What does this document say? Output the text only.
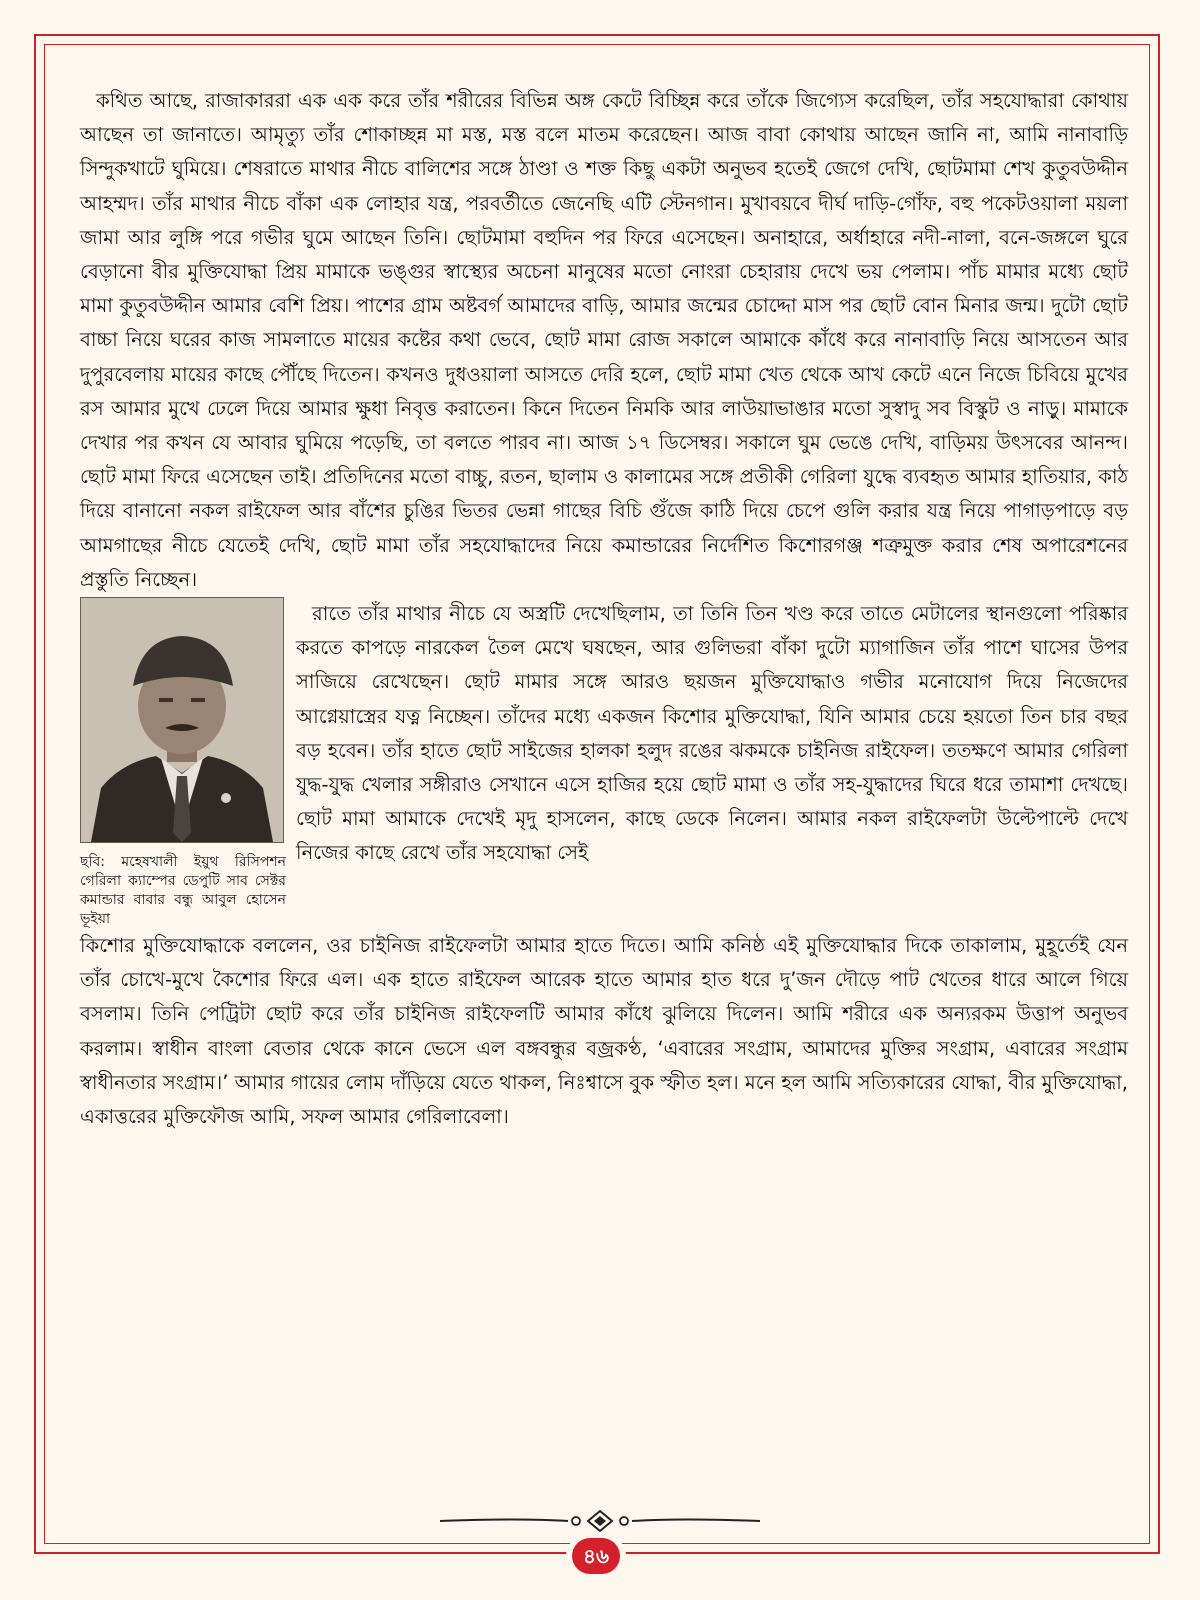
কথিত আছে, রাজাকাররা এক এক করে তাঁর শরীরের বিভিন্ন অঙ্গ কেটে বিচ্ছিন্ন করে তাঁকে জিগ্যেস করেছিল, তাঁর সহযোদ্ধারা কোথায় আছেন তা জানাতে। আমৃত্যু তাঁর শোকাচ্ছন্ন মা মস্ত, মস্ত বলে মাতম করেছেন। আজ বাবা কোথায় আছেন জানি না, আমি নানাবাড়ি সিন্দুকখাটে ঘুমিয়ে। শেষরাতে মাথার নীচে বালিশের সঙ্গে ঠাণ্ডা ও শক্ত কিছু একটা অনুভব হতেই জেগে দেখি, ছোটমামা শেখ কুতুবউদ্দীন আহম্মদ। তাঁর মাথার নীচে বাঁকা এক লোহার যন্ত্র, পরবর্তীতে জেনেছি এটি স্টেনগান। মুখাবয়বে দীর্ঘ দাড়ি-গোঁফ, বহু পকেটওয়ালা ময়লা জামা আর লুঙ্গি পরে গভীর ঘুমে আছেন তিনি। ছোটমামা বহুদিন পর ফিরে এসেছেন। অনাহারে, অর্ধাহারে নদী-নালা, বনে-জঙ্গলে ঘুরে বেড়ানো বীর মুক্তিযোদ্ধা প্রিয় মামাকে ভঙ্গুর স্বাস্থ্যের অচেনা মানুষের মতো নোংরা চেহারায় দেখে ভয় পেলাম। পাঁচ মামার মধ্যে ছোট মামা কুতুবউদ্দীন আমার বেশি প্রিয়। পাশের গ্রাম অষ্টবর্গ আমাদের বাড়ি, আমার জন্মের চোদ্দো মাস পর ছোট বোন মিনার জন্ম। দুটো ছোট বাচ্চা নিয়ে ঘরের কাজ সামলাতে মায়ের কষ্টের কথা ভেবে, ছোট মামা রোজ সকালে আমাকে কাঁধে করে নানাবাড়ি নিয়ে আসতেন আর দুপুরবেলায় মায়ের কাছে পৌঁছে দিতেন। কখনও দুধওয়ালা আসতে দেরি হলে, ছোট মামা খেত থেকে আখ কেটে এনে নিজে চিবিয়ে মুখের রস আমার মুখে ঢেলে দিয়ে আমার ক্ষুধা নিবৃত্ত করাতেন। কিনে দিতেন নিমকি আর লাউয়াভাঙার মতো সুস্বাদু সব বিস্কুট ও নাড়ু। মামাকে দেখার পর কখন যে আবার ঘুমিয়ে পড়েছি, তা বলতে পারব না। আজ ১৭ ডিসেম্বর। সকালে ঘুম ভেঙে দেখি, বাড়িময় উৎসবের আনন্দ। ছোট মামা ফিরে এসেছেন তাই। প্রতিদিনের মতো বাচ্চু, রতন, ছালাম ও কালামের সঙ্গে প্রতীকী গেরিলা যুদ্ধে ব্যবহৃত আমার হাতিয়ার, কাঠ দিয়ে বানানো নকল রাইফেল আর বাঁশের চুঙির ভিতর ভেন্না গাছের বিচি গুঁজে কাঠি দিয়ে চেপে গুলি করার যন্ত্র নিয়ে পাগাড়পাড়ে বড় আমগাছের নীচে যেতেই দেখি, ছোট মামা তাঁর সহযোদ্ধাদের নিয়ে কমান্ডারের নির্দেশিত কিশোরগঞ্জ শত্রুমুক্ত করার শেষ অপারেশনের প্রস্তুতি নিচ্ছেন।

ছবি: মহেষখালী ইয়ুথ রিসিপশন গেরিলা ক্যাম্পের ডেপুটি সাব সেক্টর কমান্ডার বাবার বন্ধু আবুল হোসেন ভূইয়া

রাতে তাঁর মাথার নীচে যে অস্ত্রটি দেখেছিলাম, তা তিনি তিন খণ্ড করে তাতে মেটালের স্থানগুলো পরিষ্কার করতে কাপড়ে নারকেল তৈল মেখে ঘষছেন, আর গুলিভরা বাঁকা দুটো ম্যাগাজিন তাঁর পাশে ঘাসের উপর সাজিয়ে রেখেছেন। ছোট মামার সঙ্গে আরও ছয়জন মুক্তিযোদ্ধাও গভীর মনোযোগ দিয়ে নিজেদের আগ্নেয়াস্ত্রের যত্ন নিচ্ছেন। তাঁদের মধ্যে একজন কিশোর মুক্তিযোদ্ধা, যিনি আমার চেয়ে হয়তো তিন চার বছর বড় হবেন। তাঁর হাতে ছোট সাইজের হালকা হলুদ রঙের ঝকমকে চাইনিজ রাইফেল। ততক্ষণে আমার গেরিলা যুদ্ধ-যুদ্ধ খেলার সঙ্গীরাও সেখানে এসে হাজির হয়ে ছোট মামা ও তাঁর সহ-যুদ্ধাদের ঘিরে ধরে তামাশা দেখছে। ছোট মামা আমাকে দেখেই মৃদু হাসলেন, কাছে ডেকে নিলেন। আমার নকল রাইফেলটা উল্টেপাল্টে দেখে নিজের কাছে রেখে তাঁর সহযোদ্ধা সেই

কিশোর মুক্তিযোদ্ধাকে বললেন, ওর চাইনিজ রাইফেলটা আমার হাতে দিতে। আমি কনিষ্ঠ এই মুক্তিযোদ্ধার দিকে তাকালাম, মুহূর্তেই যেন তাঁর চোখে-মুখে কৈশোর ফিরে এল। এক হাতে রাইফেল আরেক হাতে আমার হাত ধরে দু’জন দৌড়ে পাট খেতের ধারে আলে গিয়ে বসলাম। তিনি পেট্রিটা ছোট করে তাঁর চাইনিজ রাইফেলটি আমার কাঁধে ঝুলিয়ে দিলেন। আমি শরীরে এক অন্যরকম উত্তাপ অনুভব করলাম। স্বাধীন বাংলা বেতার থেকে কানে ভেসে এল বঙ্গবন্ধুর বজ্রকণ্ঠ, ‘এবারের সংগ্রাম, আমাদের মুক্তির সংগ্রাম, এবারের সংগ্রাম স্বাধীনতার সংগ্রাম।’ আমার গায়ের লোম দাঁড়িয়ে যেতে থাকল, নিঃশ্বাসে বুক স্ফীত হল। মনে হল আমি সত্যিকারের যোদ্ধা, বীর মুক্তিযোদ্ধা, একাত্তরের মুক্তিফৌজ আমি, সফল আমার গেরিলাবেলা।

৪৬
